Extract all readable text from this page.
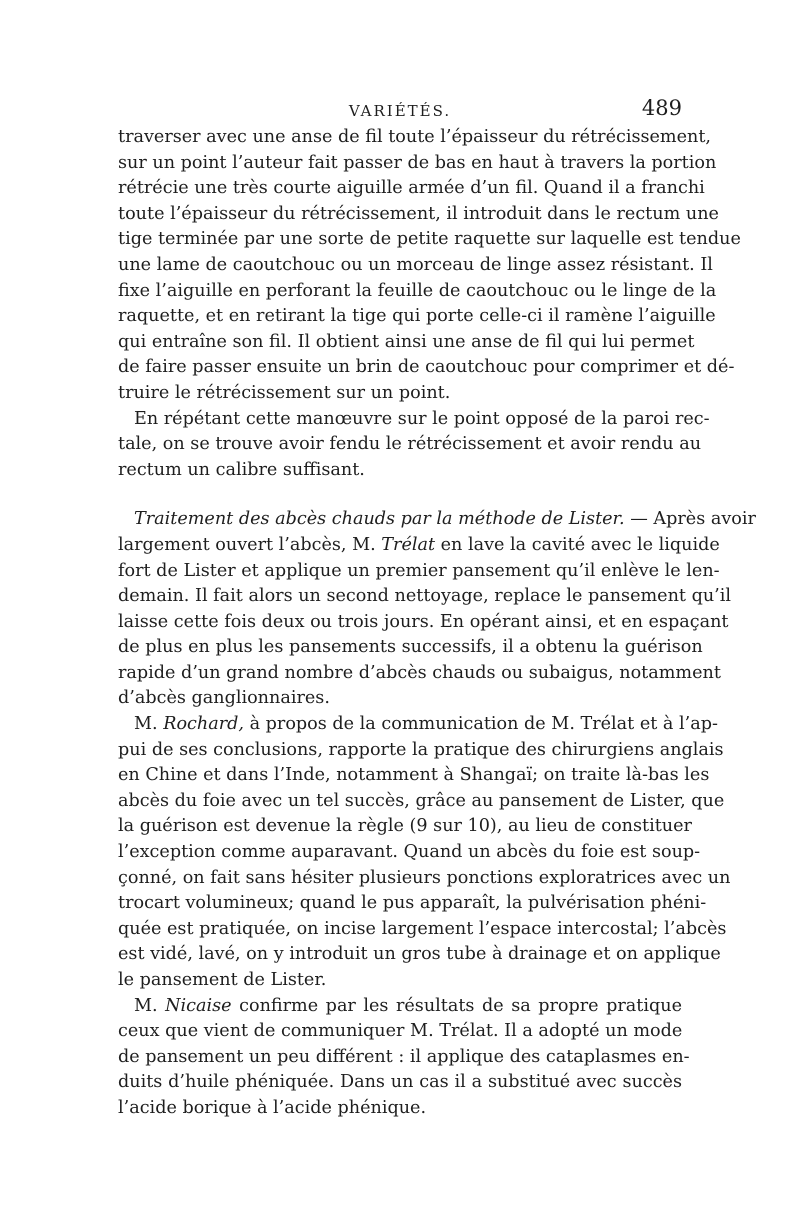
VARIÉTÉS.	489
traverser avec une anse de fil toute l’épaisseur du rétrécissement,
sur un point l’auteur fait passer de bas en haut à travers la portion
rétrécie une très courte aiguille armée d’un fil. Quand il a franchi
toute l’épaisseur du rétrécissement, il introduit dans le rectum une
tige terminée par une sorte de petite raquette sur laquelle est tendue
une lame de caoutchouc ou un morceau de linge assez résistant. Il
fixe l’aiguille en perforant la feuille de caoutchouc ou le linge de la
raquette, et en retirant la tige qui porte celle-ci il ramène l’aiguille
qui entraîne son fil. Il obtient ainsi une anse de fil qui lui permet
de faire passer ensuite un brin de caoutchouc pour comprimer et dé-
truire le rétrécissement sur un point.
En répétant cette manœuvre sur le point opposé de la paroi rec-
tale, on se trouve avoir fendu le rétrécissement et avoir rendu au
rectum un calibre suffisant.
Traitement des abcès chauds par la méthode de Lister. — Après avoir
largement ouvert l’abcès, M. Trélat en lave la cavité avec le liquide
fort de Lister et applique un premier pansement qu’il enlève le len-
demain. Il fait alors un second nettoyage, replace le pansement qu’il
laisse cette fois deux ou trois jours. En opérant ainsi, et en espaçant
de plus en plus les pansements successifs, il a obtenu la guérison
rapide d’un grand nombre d’abcès chauds ou subaigus, notamment
d’abcès ganglionnaires.
M. Rochard, à propos de la communication de M. Trélat et à l’ap-
pui de ses conclusions, rapporte la pratique des chirurgiens anglais
en Chine et dans l’Inde, notamment à Shangaï; on traite là-bas les
abcès du foie avec un tel succès, grâce au pansement de Lister, que
la guérison est devenue la règle (9 sur 10), au lieu de constituer
l’exception comme auparavant. Quand un abcès du foie est soup-
çonné, on fait sans hésiter plusieurs ponctions exploratrices avec un
trocart volumineux; quand le pus apparaît, la pulvérisation phéni-
quée est pratiquée, on incise largement l’espace intercostal; l’abcès
est vidé, lavé, on y introduit un gros tube à drainage et on applique
le pansement de Lister.
M. Nicaise confirme par les résultats de sa propre pratique
ceux que vient de communiquer M. Trélat. Il a adopté un mode
de pansement un peu différent : il applique des cataplasmes en-
duits d’huile phéniquée. Dans un cas il a substitué avec succès
l’acide borique à l’acide phénique.
